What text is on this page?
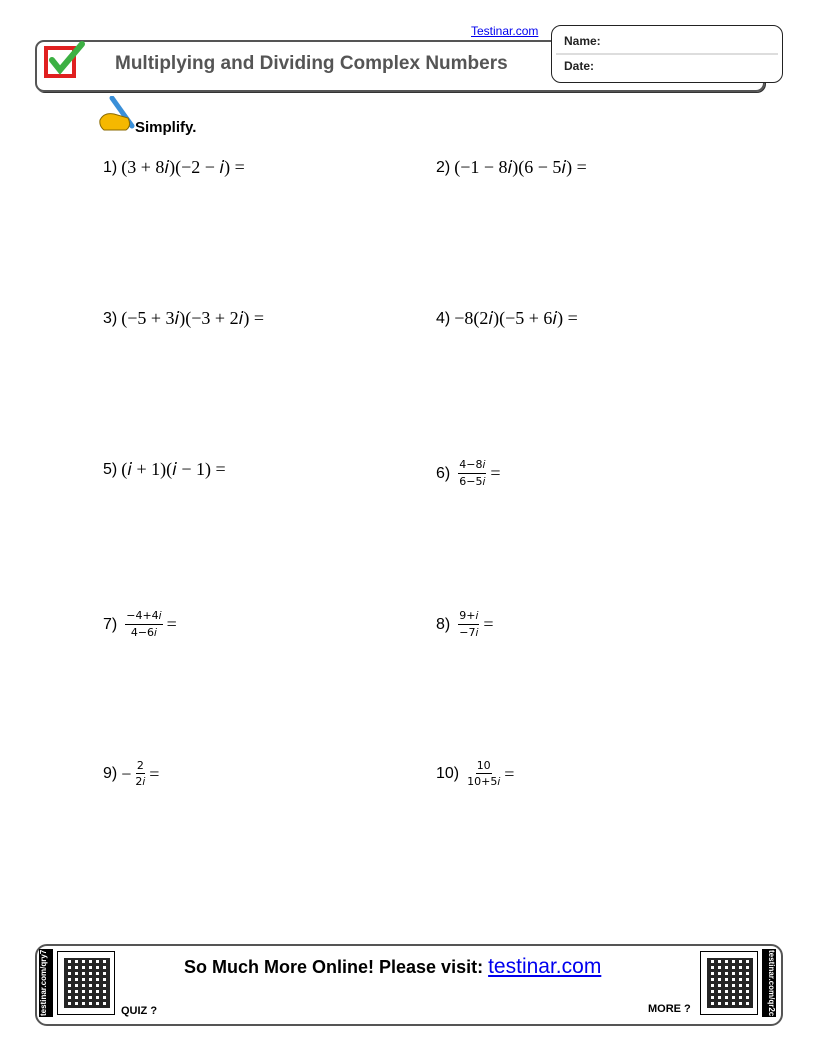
Multiplying and Dividing Complex Numbers
Testinar.com
Name:
Date:
Simplify.
1) (3 + 8𝑖)(−2 − 𝑖) =	2) (−1 − 8𝑖)(6 − 5𝑖) =
3) (−5 + 3𝑖)(−3 + 2𝑖) =	4) −8(2𝑖)(−5 + 6𝑖) =
5) (𝑖 + 1)(𝑖 − 1) =	$6) \frac{\text{4−8𝑖}}{\text{6−5𝑖}}$ =
$7) \frac{\text{−4+4𝑖}}{\text{4−6𝑖}}$ =	$8) \frac{\text{9+𝑖}}{\text{−7𝑖}}$ =
$9) - \frac{2}{\text{2𝑖}}$ =	$10) \frac{10}{\text{10+5𝑖}}$ =
testinar.com/qry7	QUIZ ?
So Much More Online! Please visit: testinar.com
MORE ?	testinar.com/qr2c
